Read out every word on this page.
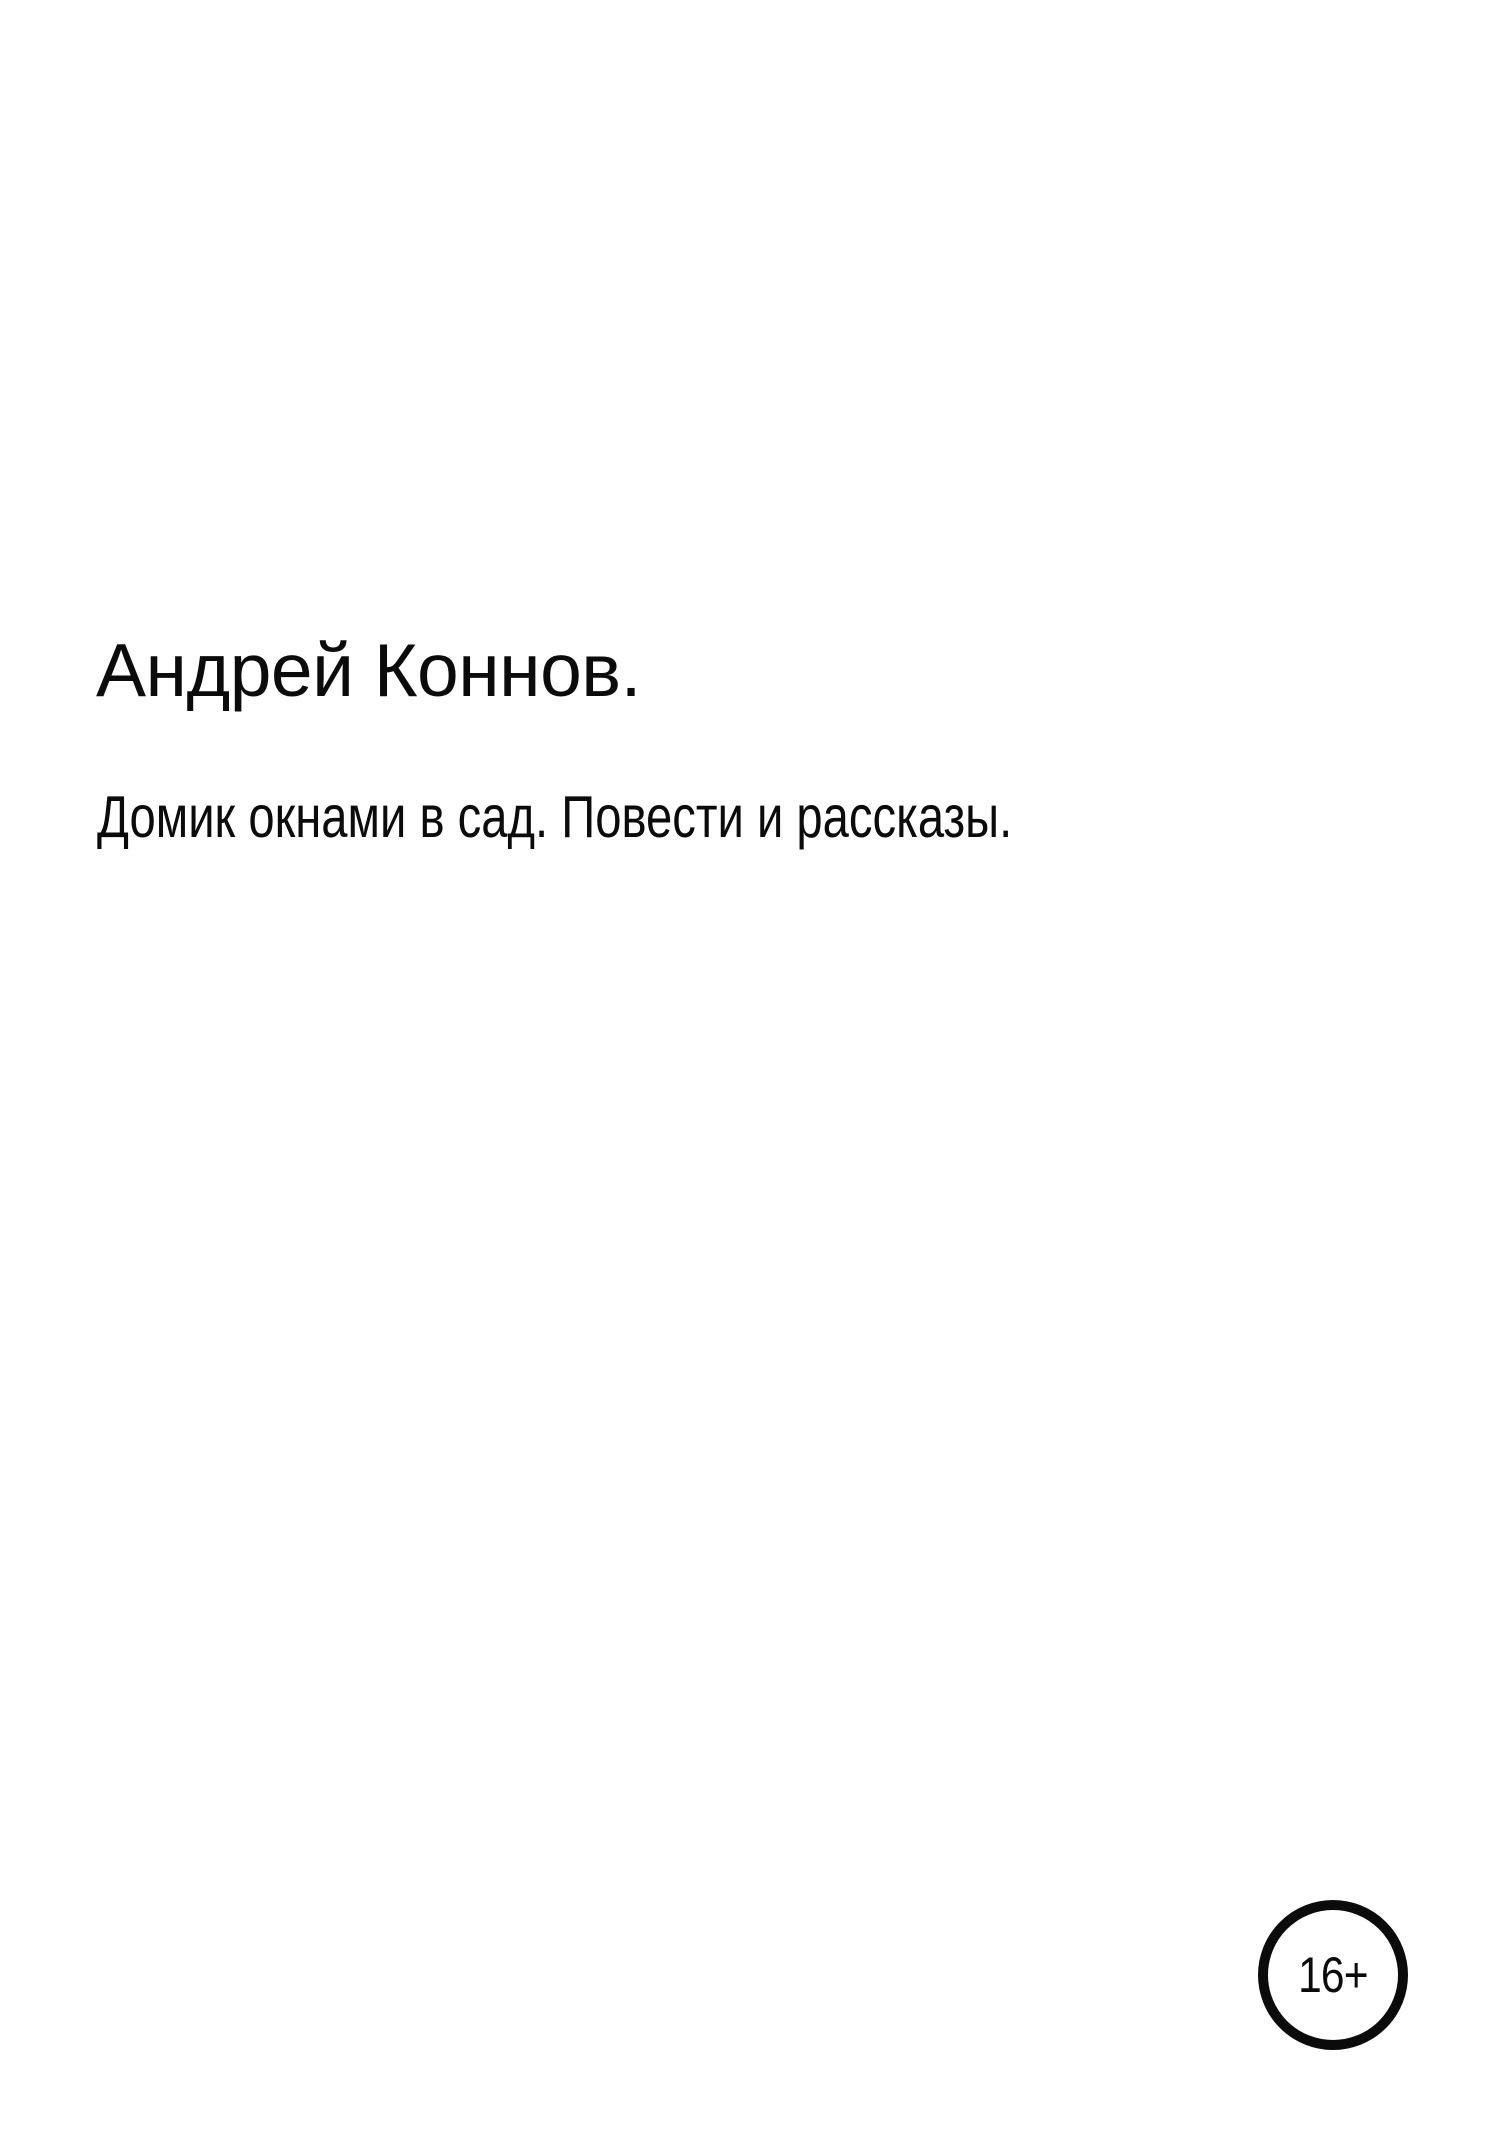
Андрей Коннов.
Домик окнами в сад. Повести и рассказы.
16+
